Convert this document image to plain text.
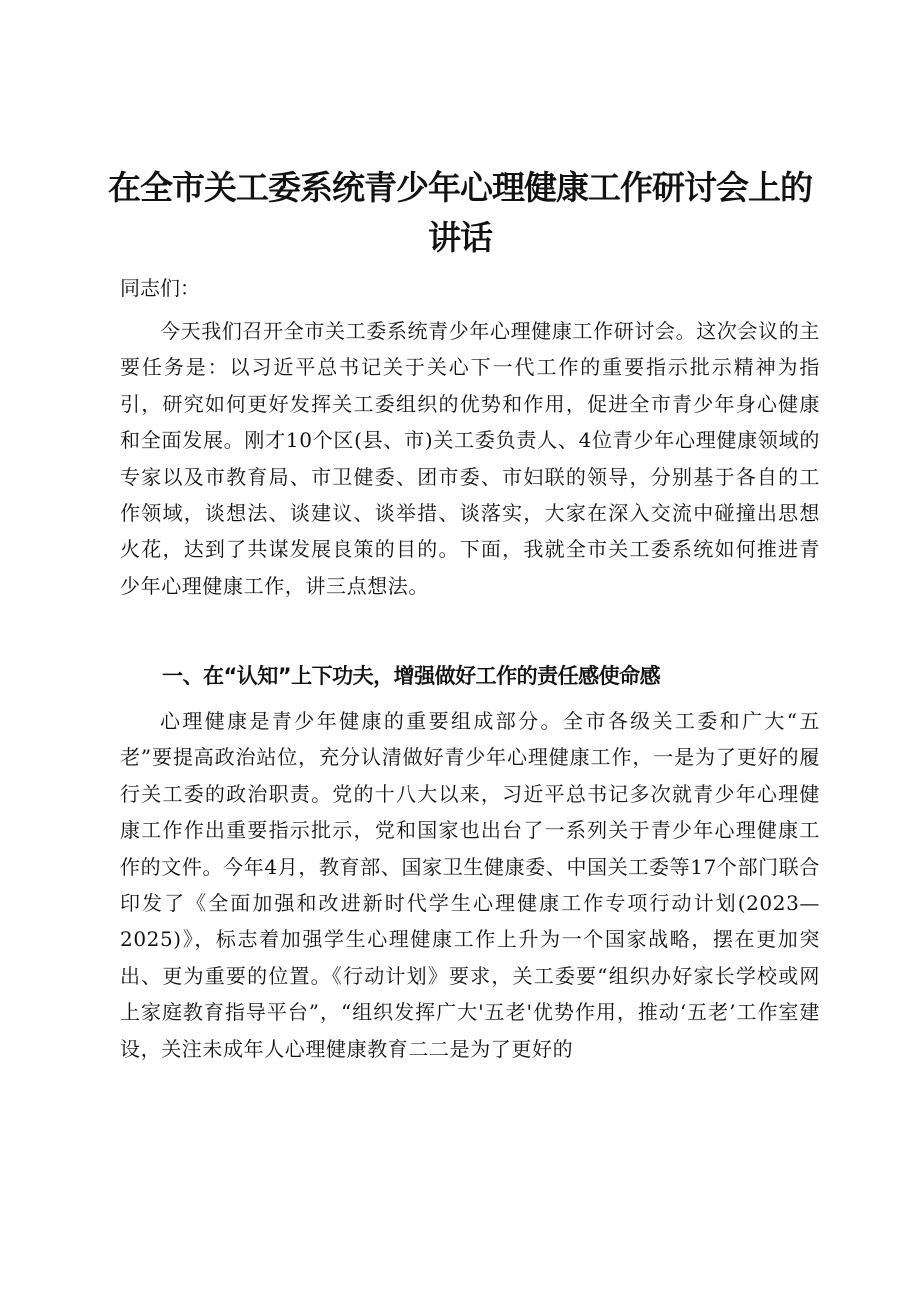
在全市关工委系统青少年心理健康工作研讨会上的讲话

同志们：

今天我们召开全市关工委系统青少年心理健康工作研讨会。这次会议的主要任务是：以习近平总书记关于关心下一代工作的重要指示批示精神为指引，研究如何更好发挥关工委组织的优势和作用，促进全市青少年身心健康和全面发展。刚才10个区(县、市)关工委负责人、4位青少年心理健康领域的专家以及市教育局、市卫健委、团市委、市妇联的领导，分别基于各自的工作领域，谈想法、谈建议、谈举措、谈落实，大家在深入交流中碰撞出思想火花，达到了共谋发展良策的目的。下面，我就全市关工委系统如何推进青少年心理健康工作，讲三点想法。

一、在“认知”上下功夫，增强做好工作的责任感使命感

心理健康是青少年健康的重要组成部分。全市各级关工委和广大“五老”要提高政治站位，充分认清做好青少年心理健康工作，一是为了更好的履行关工委的政治职责。党的十八大以来，习近平总书记多次就青少年心理健康工作作出重要指示批示，党和国家也出台了一系列关于青少年心理健康工作的文件。今年4月，教育部、国家卫生健康委、中国关工委等17个部门联合印发了《全面加强和改进新时代学生心理健康工作专项行动计划(2023—2025)》，标志着加强学生心理健康工作上升为一个国家战略，摆在更加突出、更为重要的位置。《行动计划》要求，关工委要“组织办好家长学校或网上家庭教育指导平台”，“组织发挥广大'五老'优势作用，推动‘五老’工作室建设，关注未成年人心理健康教育二二是为了更好的
